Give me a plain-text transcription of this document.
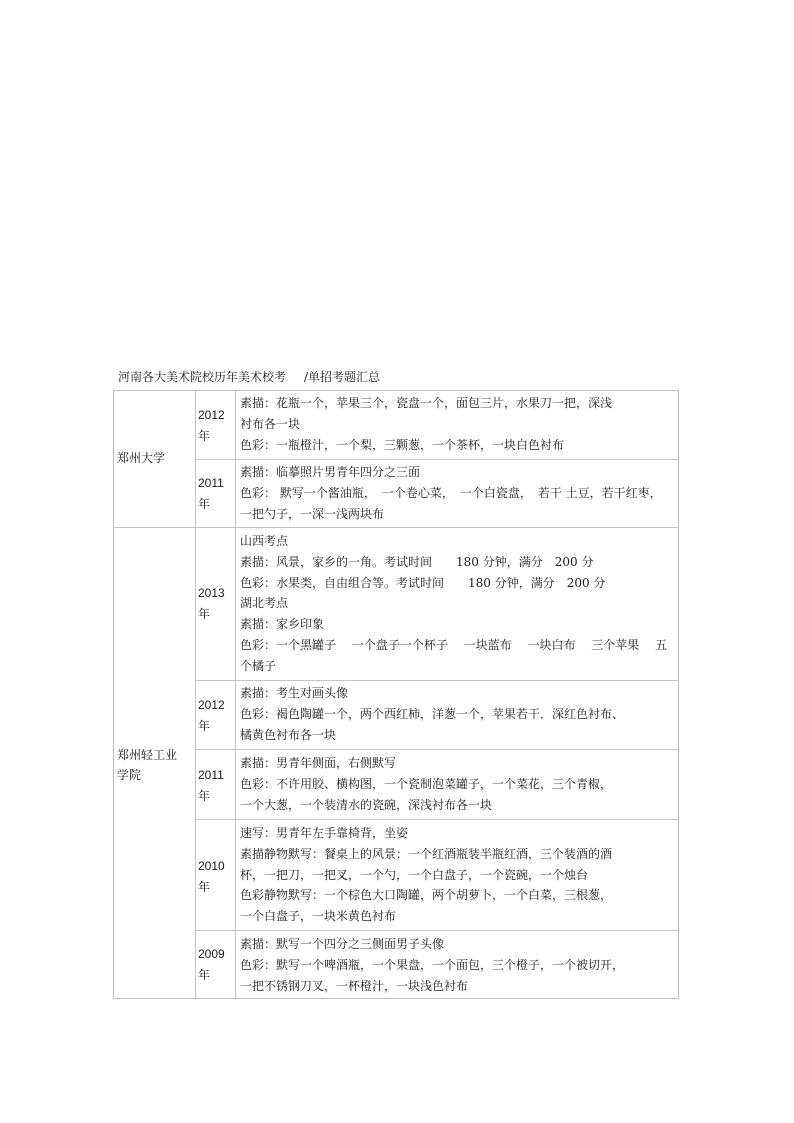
河南各大美术院校历年美术校考 /单招考题汇总
郑州大学
2012
年
素描：花瓶一个，苹果三个，瓷盘一个，面包三片，水果刀一把，深浅
衬布各一块
色彩：一瓶橙汁，一个梨，三颗葱，一个茶杯，一块白色衬布
2011
年
素描：临摹照片男青年四分之三面
色彩： 默写一个酱油瓶，　一个卷心菜，　一个白瓷盘，　若干 土豆，若干红枣，
一把勺子，一深一浅两块布
郑州轻工业
学院
2013
年
山西考点
素描：风景，家乡的一角。考试时间　　180 分钟，满分　200 分
色彩：水果类，自由组合等。考试时间　　180 分钟，满分　200 分
湖北考点
素描：家乡印象
色彩：一个黑罐子　 一个盘子一个杯子　 一块蓝布　 一块白布　 三个苹果　 五
个橘子
2012
年
素描：考生对画头像
色彩：褐色陶罐一个，两个西红柿，洋葱一个，苹果若干．深红色衬布、
橘黄色衬布各一块
2011
年
素描：男青年侧面，右侧默写
色彩：不许用胶、横构图，一个瓷制泡菜罐子，一个菜花，三个青椒，
一个大葱，一个装清水的瓷碗，深浅衬布各一块
2010
年
速写：男青年左手靠椅背，坐姿
素描静物默写：餐桌上的风景：一个红酒瓶装半瓶红酒，三个装酒的酒
杯，一把刀，一把叉，一个勺，一个白盘子，一个瓷碗，一个烛台
色彩静物默写：一个棕色大口陶罐，两个胡萝卜，一个白菜，三根葱，
一个白盘子，一块米黄色衬布
2009
年
素描：默写一个四分之三侧面男子头像
色彩：默写一个啤酒瓶，一个果盘，一个面包，三个橙子，一个被切开，
一把不锈钢刀叉，一杯橙汁，一块浅色衬布
